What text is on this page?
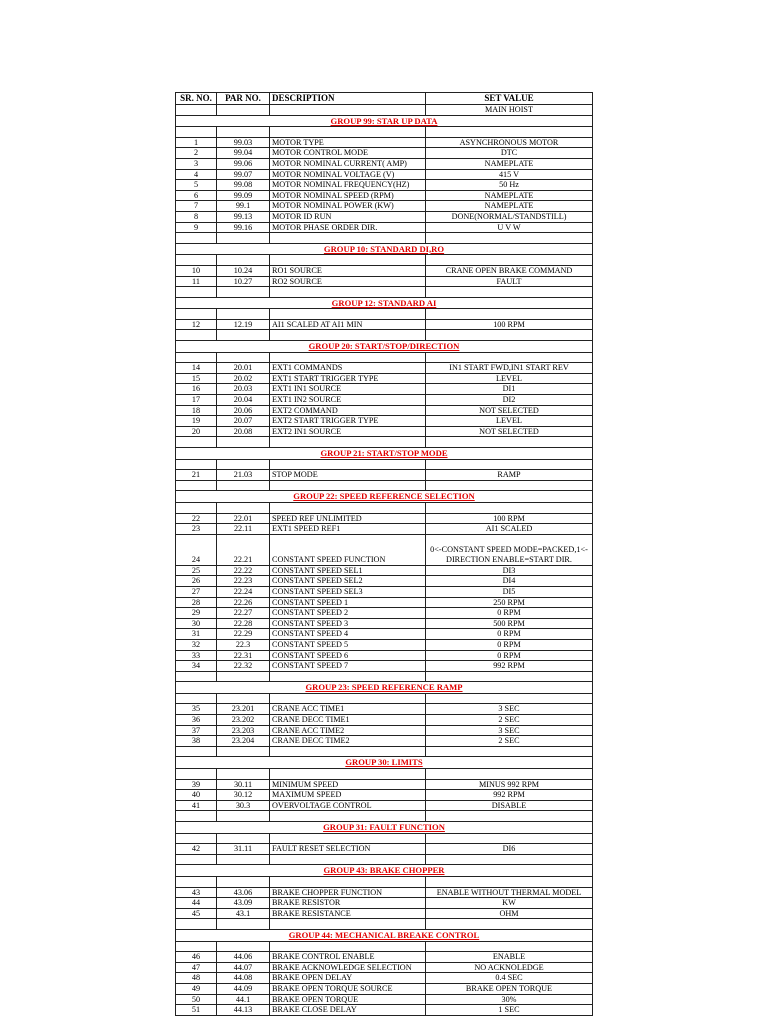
SR. NO.	PAR NO.	DESCRIPTION	SET VALUE
			MAIN HOIST
GROUP 99: STAR UP DATA			

1	99.03	MOTOR TYPE	ASYNCHRONOUS MOTOR
2	99.04	MOTOR CONTROL MODE	DTC
3	99.06	MOTOR NOMINAL CURRENT( AMP)	NAMEPLATE
4	99.07	MOTOR NOMINAL VOLTAGE (V)	415 V
5	99.08	MOTOR NOMINAL FREQUENCY(HZ)	50 Hz
6	99.09	MOTOR NOMINAL SPEED (RPM)	NAMEPLATE
7	99.1	MOTOR NOMINAL POWER (KW)	NAMEPLATE
8	99.13	MOTOR ID RUN	DONE(NORMAL/STANDSTILL)
9	99.16	MOTOR PHASE ORDER DIR.	U V W

GROUP 10: STANDARD DI,RO			

10	10.24	RO1 SOURCE	CRANE OPEN BRAKE COMMAND
11	10.27	RO2 SOURCE	FAULT

GROUP 12: STANDARD AI			

12	12.19	AI1 SCALED AT AI1 MIN	100 RPM

GROUP 20: START/STOP/DIRECTION			

14	20.01	EXT1 COMMANDS	IN1 START FWD,IN1 START REV
15	20.02	EXT1 START TRIGGER TYPE	LEVEL
16	20.03	EXT1 IN1 SOURCE	DI1
17	20.04	EXT1 IN2 SOURCE	DI2
18	20.06	EXT2 COMMAND	NOT SELECTED
19	20.07	EXT2 START TRIGGER TYPE	LEVEL
20	20.08	EXT2 IN1 SOURCE	NOT SELECTED

GROUP 21: START/STOP MODE			

21	21.03	STOP MODE	RAMP

GROUP 22: SPEED REFERENCE SELECTION			

22	22.01	SPEED REF UNLIMITED	100 RPM
23	22.11	EXT1 SPEED REF1	AI1 SCALED
24	22.21	CONSTANT SPEED FUNCTION	0<-CONSTANT SPEED MODE=PACKED,1<- DIRECTION ENABLE=START DIR.
25	22.22	CONSTANT SPEED SEL1	DI3
26	22.23	CONSTANT SPEED SEL2	DI4
27	22.24	CONSTANT SPEED SEL3	DI5
28	22.26	CONSTANT SPEED 1	250 RPM
29	22.27	CONSTANT SPEED 2	0 RPM
30	22.28	CONSTANT SPEED 3	500 RPM
31	22.29	CONSTANT SPEED 4	0 RPM
32	22.3	CONSTANT SPEED 5	0 RPM
33	22.31	CONSTANT SPEED 6	0 RPM
34	22.32	CONSTANT SPEED 7	992 RPM

GROUP 23: SPEED REFERENCE RAMP			

35	23.201	CRANE ACC TIME1	3 SEC
36	23.202	CRANE DECC TIME1	2 SEC
37	23.203	CRANE ACC TIME2	3 SEC
38	23.204	CRANE DECC TIME2	2 SEC

GROUP 30: LIMITS			

39	30.11	MINIMUM SPEED	MINUS 992 RPM
40	30.12	MAXIMUM SPEED	992 RPM
41	30.3	OVERVOLTAGE CONTROL	DISABLE

GROUP 31: FAULT FUNCTION			

42	31.11	FAULT RESET SELECTION	DI6

GROUP 43: BRAKE CHOPPER			

43	43.06	BRAKE CHOPPER FUNCTION	ENABLE WITHOUT THERMAL MODEL
44	43.09	BRAKE RESISTOR	KW
45	43.1	BRAKE RESISTANCE	OHM

GROUP 44: MECHANICAL BREAKE CONTROL			

46	44.06	BRAKE CONTROL ENABLE	ENABLE
47	44.07	BRAKE ACKNOWLEDGE SELECTION	NO ACKNOLEDGE
48	44.08	BRAKE OPEN DELAY	0.4 SEC
49	44.09	BRAKE OPEN TORQUE SOURCE	BRAKE OPEN TORQUE
50	44.1	BRAKE OPEN TORQUE	30%
51	44.13	BRAKE CLOSE DELAY	1 SEC
